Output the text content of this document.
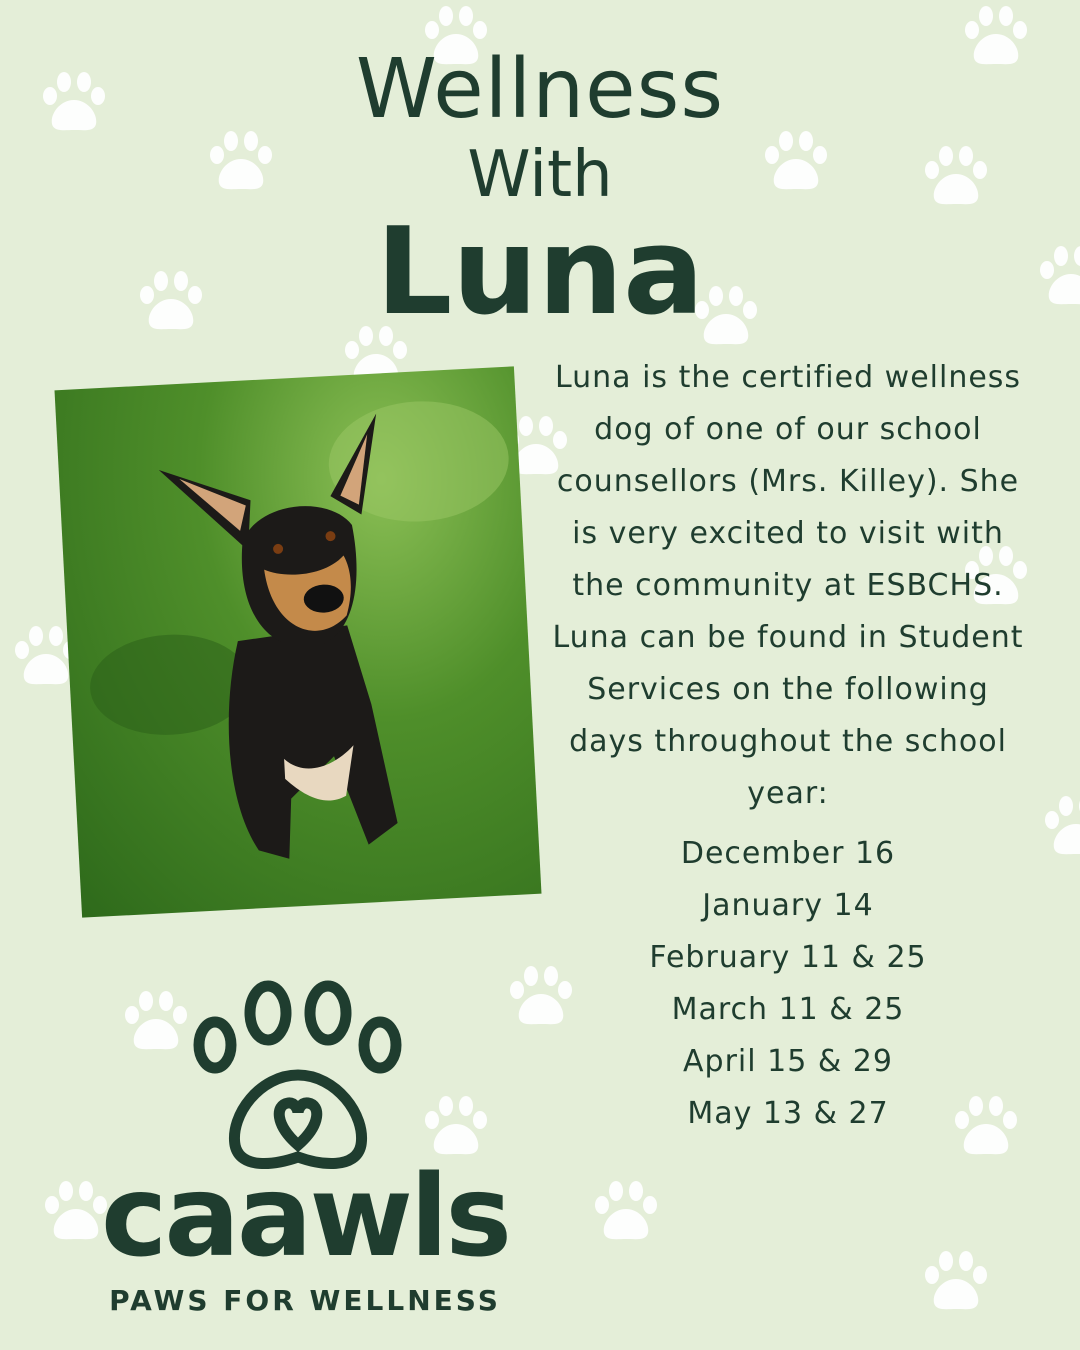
Wellness
With
Luna
Luna is the certified wellness dog of one of our school counsellors (Mrs. Killey). She is very excited to visit with the community at ESBCHS. Luna can be found in Student Services on the following days throughout the school year:
December 16
January 14
February 11 & 25
March 11 & 25
April 15 & 29
May 13 & 27
caawls
PAWS FOR WELLNESS
